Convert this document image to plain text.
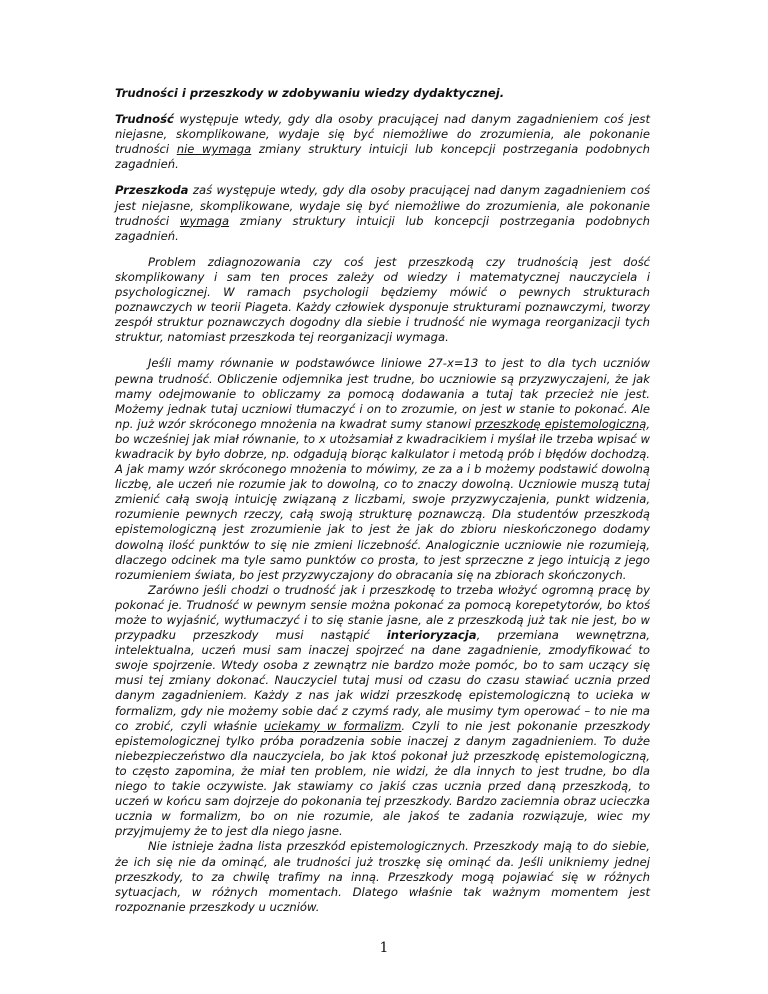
Trudności i przeszkody w zdobywaniu wiedzy dydaktycznej.

Trudność występuje wtedy, gdy dla osoby pracującej nad danym zagadnieniem coś jest niejasne, skomplikowane, wydaje się być niemożliwe do zrozumienia, ale pokonanie trudności nie wymaga zmiany struktury intuicji lub koncepcji postrzegania podobnych zagadnień.

Przeszkoda zaś występuje wtedy, gdy dla osoby pracującej nad danym zagadnieniem coś jest niejasne, skomplikowane, wydaje się być niemożliwe do zrozumienia, ale pokonanie trudności wymaga zmiany struktury intuicji lub koncepcji postrzegania podobnych zagadnień.

Problem zdiagnozowania czy coś jest przeszkodą czy trudnością jest dość skomplikowany i sam ten proces zależy od wiedzy i matematycznej nauczyciela i psychologicznej. W ramach psychologii będziemy mówić o pewnych strukturach poznawczych w teorii Piageta. Każdy człowiek dysponuje strukturami poznawczymi, tworzy zespół struktur poznawczych dogodny dla siebie i trudność nie wymaga reorganizacji tych struktur, natomiast przeszkoda tej reorganizacji wymaga.

Jeśli mamy równanie w podstawówce liniowe 27-x=13 to jest to dla tych uczniów pewna trudność. Obliczenie odjemnika jest trudne, bo uczniowie są przyzwyczajeni, że jak mamy odejmowanie to obliczamy za pomocą dodawania a tutaj tak przecież nie jest. Możemy jednak tutaj uczniowi tłumaczyć i on to zrozumie, on jest w stanie to pokonać. Ale np. już wzór skróconego mnożenia na kwadrat sumy stanowi przeszkodę epistemologiczną, bo wcześniej jak miał równanie, to x utożsamiał z kwadracikiem i myślał ile trzeba wpisać w kwadracik by było dobrze, np. odgadują biorąc kalkulator i metodą prób i błędów dochodzą. A jak mamy wzór skróconego mnożenia to mówimy, ze za a i b możemy podstawić dowolną liczbę, ale uczeń nie rozumie jak to dowolną, co to znaczy dowolną. Uczniowie muszą tutaj zmienić całą swoją intuicję związaną z liczbami, swoje przyzwyczajenia, punkt widzenia, rozumienie pewnych rzeczy, całą swoją strukturę poznawczą. Dla studentów przeszkodą epistemologiczną jest zrozumienie jak to jest że jak do zbioru nieskończonego dodamy dowolną ilość punktów to się nie zmieni liczebność. Analogicznie uczniowie nie rozumieją, dlaczego odcinek ma tyle samo punktów co prosta, to jest sprzeczne z jego intuicją z jego rozumieniem świata, bo jest przyzwyczajony do obracania się na zbiorach skończonych.

Zarówno jeśli chodzi o trudność jak i przeszkodę to trzeba włożyć ogromną pracę by pokonać je. Trudność w pewnym sensie można pokonać za pomocą korepetytorów, bo ktoś może to wyjaśnić, wytłumaczyć i to się stanie jasne, ale z przeszkodą już tak nie jest, bo w przypadku przeszkody musi nastąpić interioryzacja, przemiana wewnętrzna, intelektualna, uczeń musi sam inaczej spojrzeć na dane zagadnienie, zmodyfikować to swoje spojrzenie. Wtedy osoba z zewnątrz nie bardzo może pomóc, bo to sam uczący się musi tej zmiany dokonać. Nauczyciel tutaj musi od czasu do czasu stawiać ucznia przed danym zagadnieniem. Każdy z nas jak widzi przeszkodę epistemologiczną to ucieka w formalizm, gdy nie możemy sobie dać z czymś rady, ale musimy tym operować – to nie ma co zrobić, czyli właśnie uciekamy w formalizm. Czyli to nie jest pokonanie przeszkody epistemologicznej tylko próba poradzenia sobie inaczej z danym zagadnieniem. To duże niebezpieczeństwo dla nauczyciela, bo jak ktoś pokonał już przeszkodę epistemologiczną, to często zapomina, że miał ten problem, nie widzi, że dla innych to jest trudne, bo dla niego to takie oczywiste. Jak stawiamy co jakiś czas ucznia przed daną przeszkodą, to uczeń w końcu sam dojrzeje do pokonania tej przeszkody. Bardzo zaciemnia obraz ucieczka ucznia w formalizm, bo on nie rozumie, ale jakoś te zadania rozwiązuje, wiec my przyjmujemy że to jest dla niego jasne.

Nie istnieje żadna lista przeszkód epistemologicznych. Przeszkody mają to do siebie, że ich się nie da ominąć, ale trudności już troszkę się ominąć da. Jeśli unikniemy jednej przeszkody, to za chwilę trafimy na inną. Przeszkody mogą pojawiać się w różnych sytuacjach, w różnych momentach. Dlatego właśnie tak ważnym momentem jest rozpoznanie przeszkody u uczniów.

1
